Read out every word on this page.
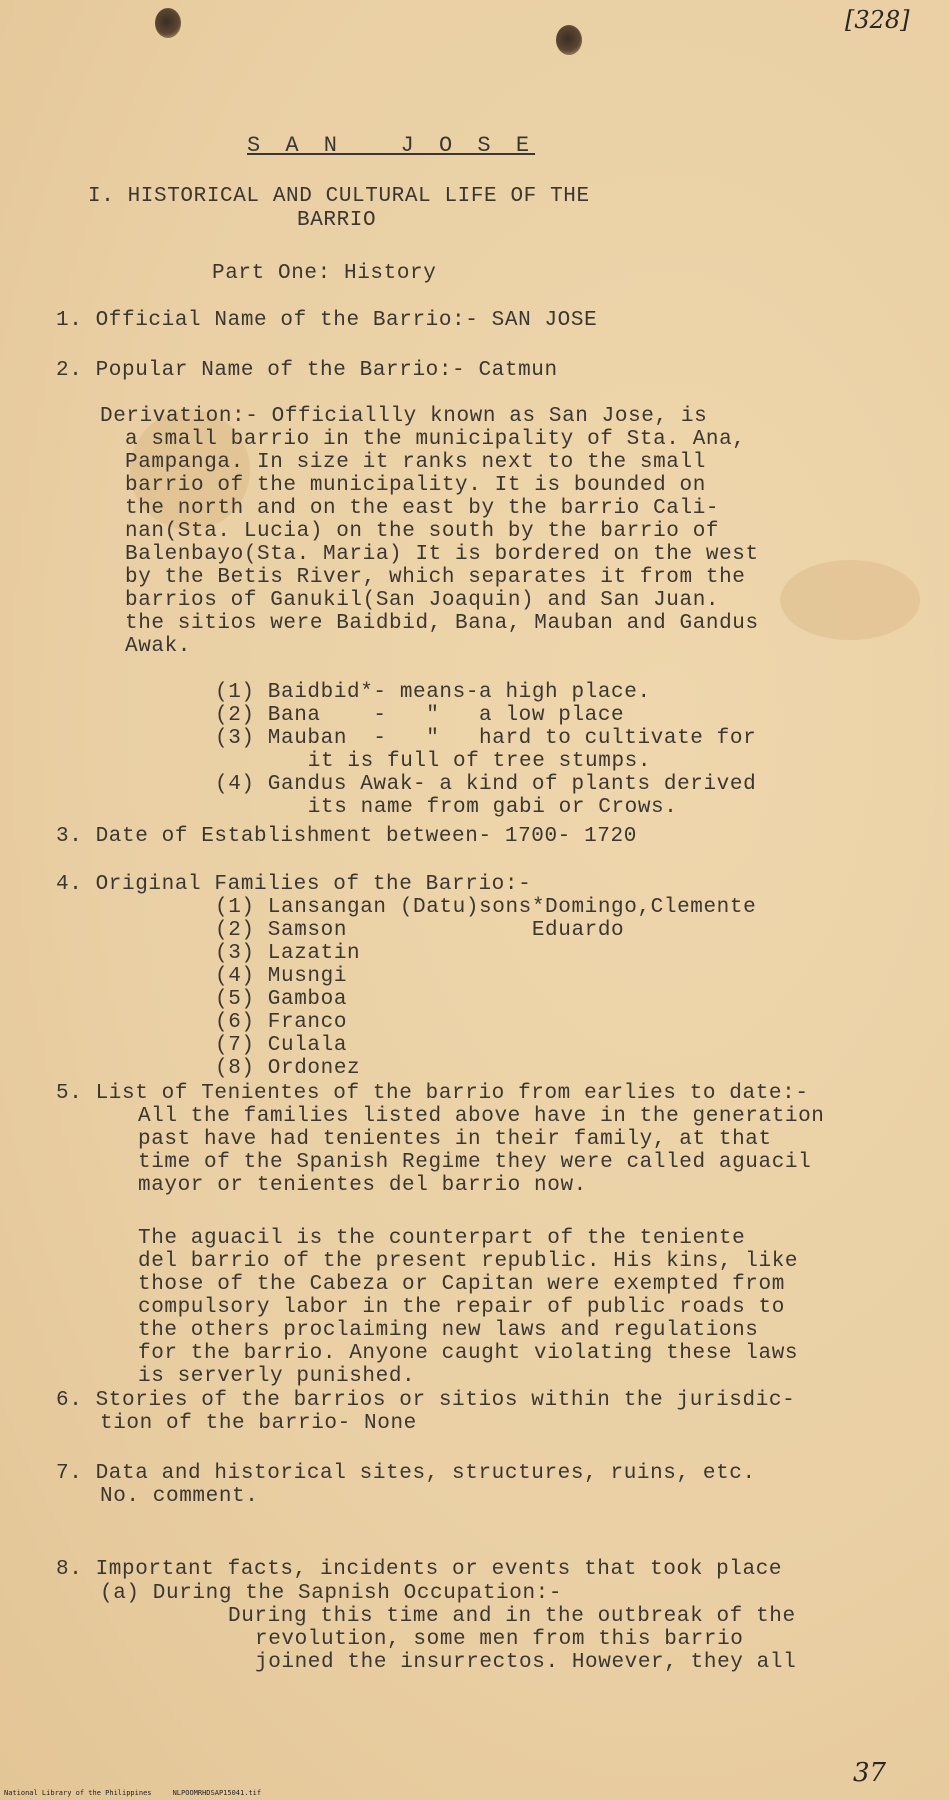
[328]
S A N   J O S E
I. HISTORICAL AND CULTURAL LIFE OF THE
BARRIO
Part One: History
1. Official Name of the Barrio:- SAN JOSE
2. Popular Name of the Barrio:- Catmun
Derivation:- Officiallly known as San Jose, is
a small barrio in the municipality of Sta. Ana,
Pampanga. In size it ranks next to the small
barrio of the municipality. It is bounded on
the north and on the east by the barrio Cali-
nan(Sta. Lucia) on the south by the barrio of
Balenbayo(Sta. Maria) It is bordered on the west
by the Betis River, which separates it from the
barrios of Ganukil(San Joaquin) and San Juan.
the sitios were Baidbid, Bana, Mauban and Gandus
Awak.
(1) Baidbid*- means-a high place.
(2) Bana    -   "   a low place
(3) Mauban  -   "   hard to cultivate for
it is full of tree stumps.
(4) Gandus Awak- a kind of plants derived
its name from gabi or Crows.
3. Date of Establishment between- 1700- 1720
4. Original Families of the Barrio:-
(1) Lansangan (Datu)sons*Domingo,Clemente
(2) Samson              Eduardo
(3) Lazatin
(4) Musngi
(5) Gamboa
(6) Franco
(7) Culala
(8) Ordonez
5. List of Tenientes of the barrio from earlies to date:-
All the families listed above have in the generation
past have had tenientes in their family, at that
time of the Spanish Regime they were called aguacil
mayor or tenientes del barrio now.
The aguacil is the counterpart of the teniente
del barrio of the present republic. His kins, like
those of the Cabeza or Capitan were exempted from
compulsory labor in the repair of public roads to
the others proclaiming new laws and regulations
for the barrio. Anyone caught violating these laws
is serverly punished.
6. Stories of the barrios or sitios within the jurisdic-
tion of the barrio- None
7. Data and historical sites, structures, ruins, etc.
No. comment.
8. Important facts, incidents or events that took place
(a) During the Sapnish Occupation:-
During this time and in the outbreak of the
revolution, some men from this barrio
joined the insurrectos. However, they all
37
National Library of the Philippines	NLPOOMRHDSAP15041.tif
